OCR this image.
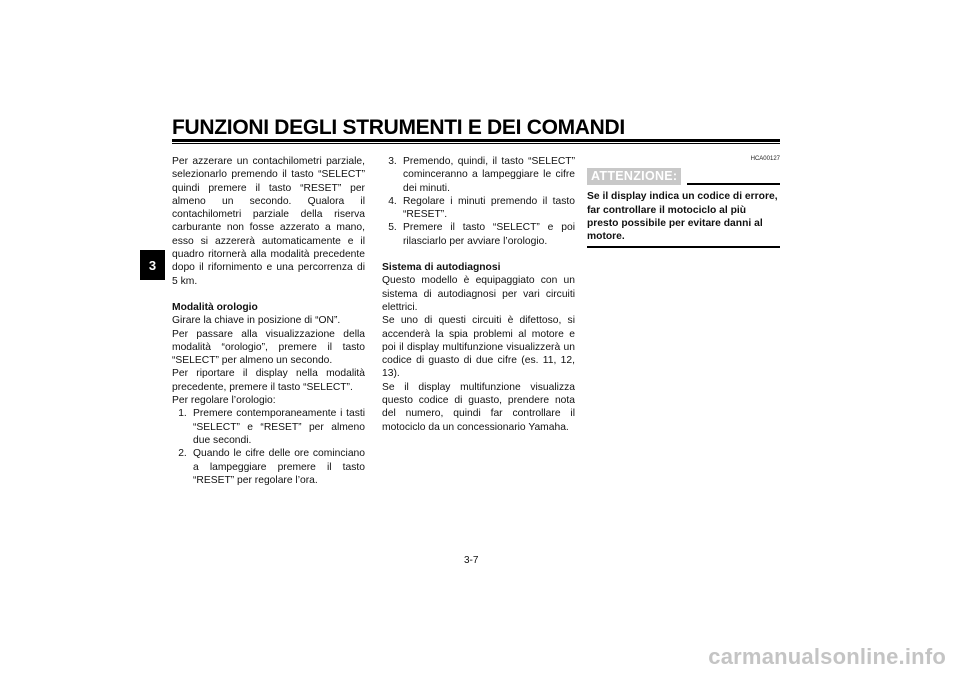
FUNZIONI DEGLI STRUMENTI E DEI COMANDI
3

Per azzerare un contachilometri parziale, selezionarlo premendo il tasto “SELECT” quindi premere il tasto “RESET” per almeno un secondo. Qualora il contachilometri parziale della riserva carburante non fosse azzerato a mano, esso si azzererà automaticamente e il quadro ritornerà alla modalità precedente dopo il rifornimento e una percorrenza di 5 km.

Modalità orologio

Girare la chiave in posizione di “ON”.

Per passare alla visualizzazione della modalità “orologio”, premere il tasto “SELECT” per almeno un secondo.

Per riportare il display nella modalità precedente, premere il tasto “SELECT”.

Per regolare l’orologio:

1. Premere contemporaneamente i tasti “SELECT” e “RESET” per almeno due secondi.
2. Quando le cifre delle ore cominciano a lampeggiare premere il tasto “RESET” per regolare l’ora.
3. Premendo, quindi, il tasto “SELECT” cominceranno a lampeggiare le cifre dei minuti.
4. Regolare i minuti premendo il tasto “RESET”.
5. Premere il tasto “SELECT” e poi rilasciarlo per avviare l’orologio.

Sistema di autodiagnosi

Questo modello è equipaggiato con un sistema di autodiagnosi per vari circuiti elettrici.

Se uno di questi circuiti è difettoso, si accenderà la spia problemi al motore e poi il display multifunzione visualizzerà un codice di guasto di due cifre (es. 11, 12, 13).

Se il display multifunzione visualizza questo codice di guasto, prendere nota del numero, quindi far controllare il motociclo da un concessionario Yamaha.

HCA00127
ATTENZIONE:
Se il display indica un codice di errore, far controllare il motociclo al più presto possibile per evitare danni al motore.
3-7
carmanualsonline.info
